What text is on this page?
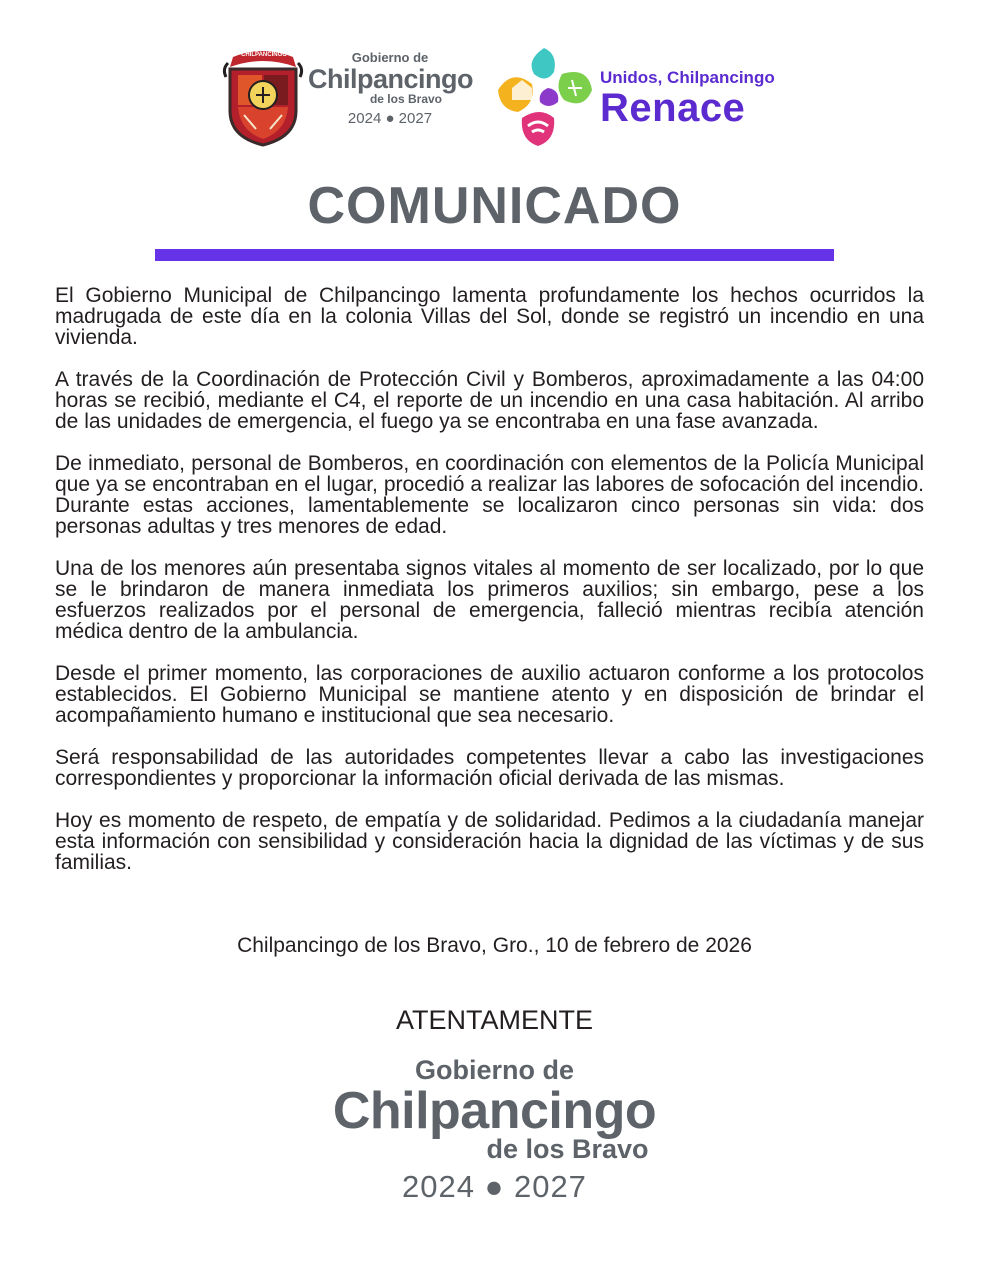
CHILPANCINGO	Gobierno de
Chilpancingo
de los Bravo
2024 ● 2027
Unidos, Chilpancingo
Renace
COMUNICADO

El Gobierno Municipal de Chilpancingo lamenta profundamente los hechos ocurridos la madrugada de este día en la colonia Villas del Sol, donde se registró un incendio en una vivienda.

A través de la Coordinación de Protección Civil y Bomberos, aproximadamente a las 04:00 horas se recibió, mediante el C4, el reporte de un incendio en una casa habitación. Al arribo de las unidades de emergencia, el fuego ya se encontraba en una fase avanzada.

De inmediato, personal de Bomberos, en coordinación con elementos de la Policía Municipal que ya se encontraban en el lugar, procedió a realizar las labores de sofocación del incendio. Durante estas acciones, lamentablemente se localizaron cinco personas sin vida: dos personas adultas y tres menores de edad.

Una de los menores aún presentaba signos vitales al momento de ser localizado, por lo que se le brindaron de manera inmediata los primeros auxilios; sin embargo, pese a los esfuerzos realizados por el personal de emergencia, falleció mientras recibía atención médica dentro de la ambulancia.

Desde el primer momento, las corporaciones de auxilio actuaron conforme a los protocolos establecidos. El Gobierno Municipal se mantiene atento y en disposición de brindar el acompañamiento humano e institucional que sea necesario.

Será responsabilidad de las autoridades competentes llevar a cabo las investigaciones correspondientes y proporcionar la información oficial derivada de las mismas.

Hoy es momento de respeto, de empatía y de solidaridad. Pedimos a la ciudadanía manejar esta información con sensibilidad y consideración hacia la dignidad de las víctimas y de sus familias.

Chilpancingo de los Bravo, Gro., 10 de febrero de 2026
ATENTAMENTE
Gobierno de
Chilpancingo
de los Bravo
2024 ● 2027
